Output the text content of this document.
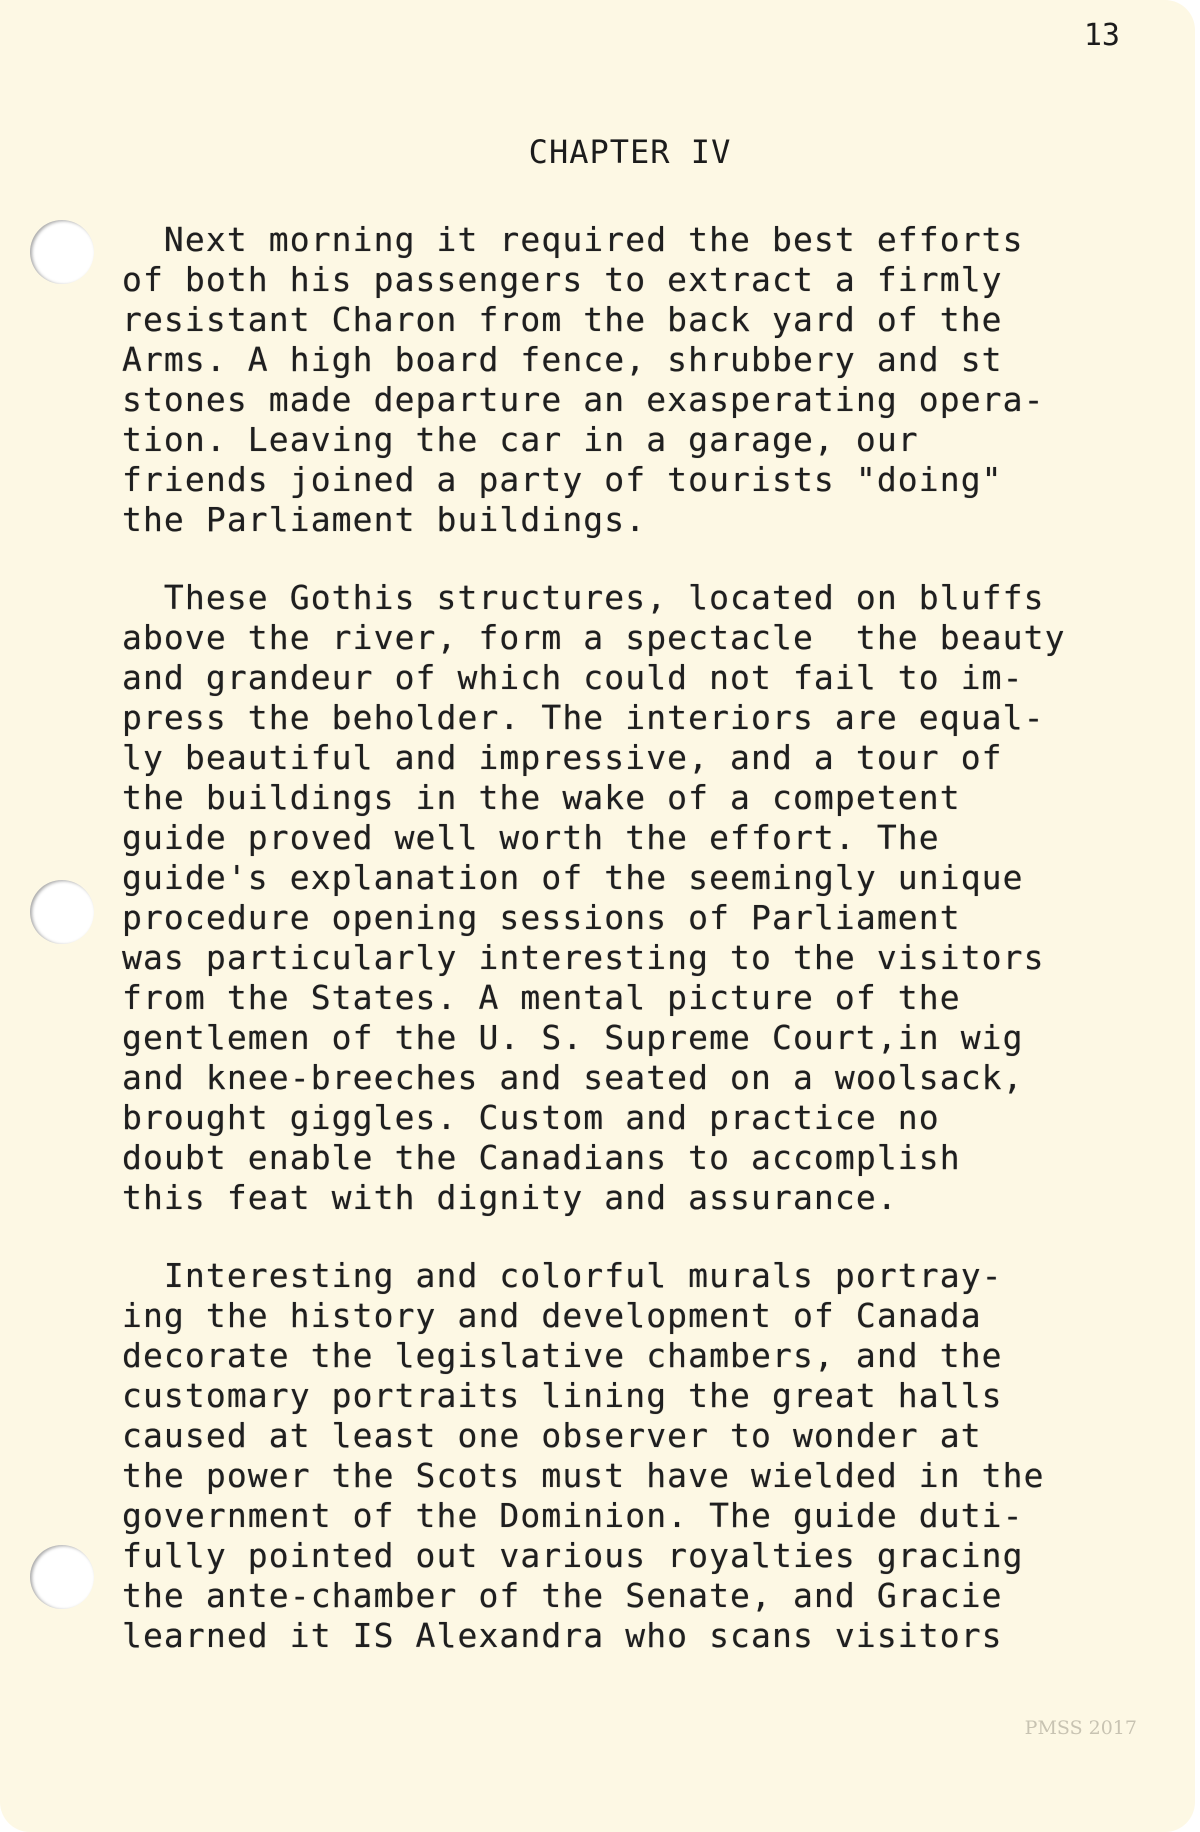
13
CHAPTER IV
Next morning it required the best efforts
of both his passengers to extract a firmly
resistant Charon from the back yard of the
Arms. A high board fence, shrubbery and st
stones made departure an exasperating opera-
tion. Leaving the car in a garage, our
friends joined a party of tourists "doing"
the Parliament buildings.
These Gothis structures, located on bluffs
above the river, form a spectacle  the beauty
and grandeur of which could not fail to im-
press the beholder. The interiors are equal-
ly beautiful and impressive, and a tour of
the buildings in the wake of a competent
guide proved well worth the effort. The
guide's explanation of the seemingly unique
procedure opening sessions of Parliament
was particularly interesting to the visitors
from the States. A mental picture of the
gentlemen of the U. S. Supreme Court,in wig
and knee-breeches and seated on a woolsack,
brought giggles. Custom and practice no
doubt enable the Canadians to accomplish
this feat with dignity and assurance.
Interesting and colorful murals portray-
ing the history and development of Canada
decorate the legislative chambers, and the
customary portraits lining the great halls
caused at least one observer to wonder at
the power the Scots must have wielded in the
government of the Dominion. The guide duti-
fully pointed out various royalties gracing
the ante-chamber of the Senate, and Gracie
learned it IS Alexandra who scans visitors
PMSS 2017
